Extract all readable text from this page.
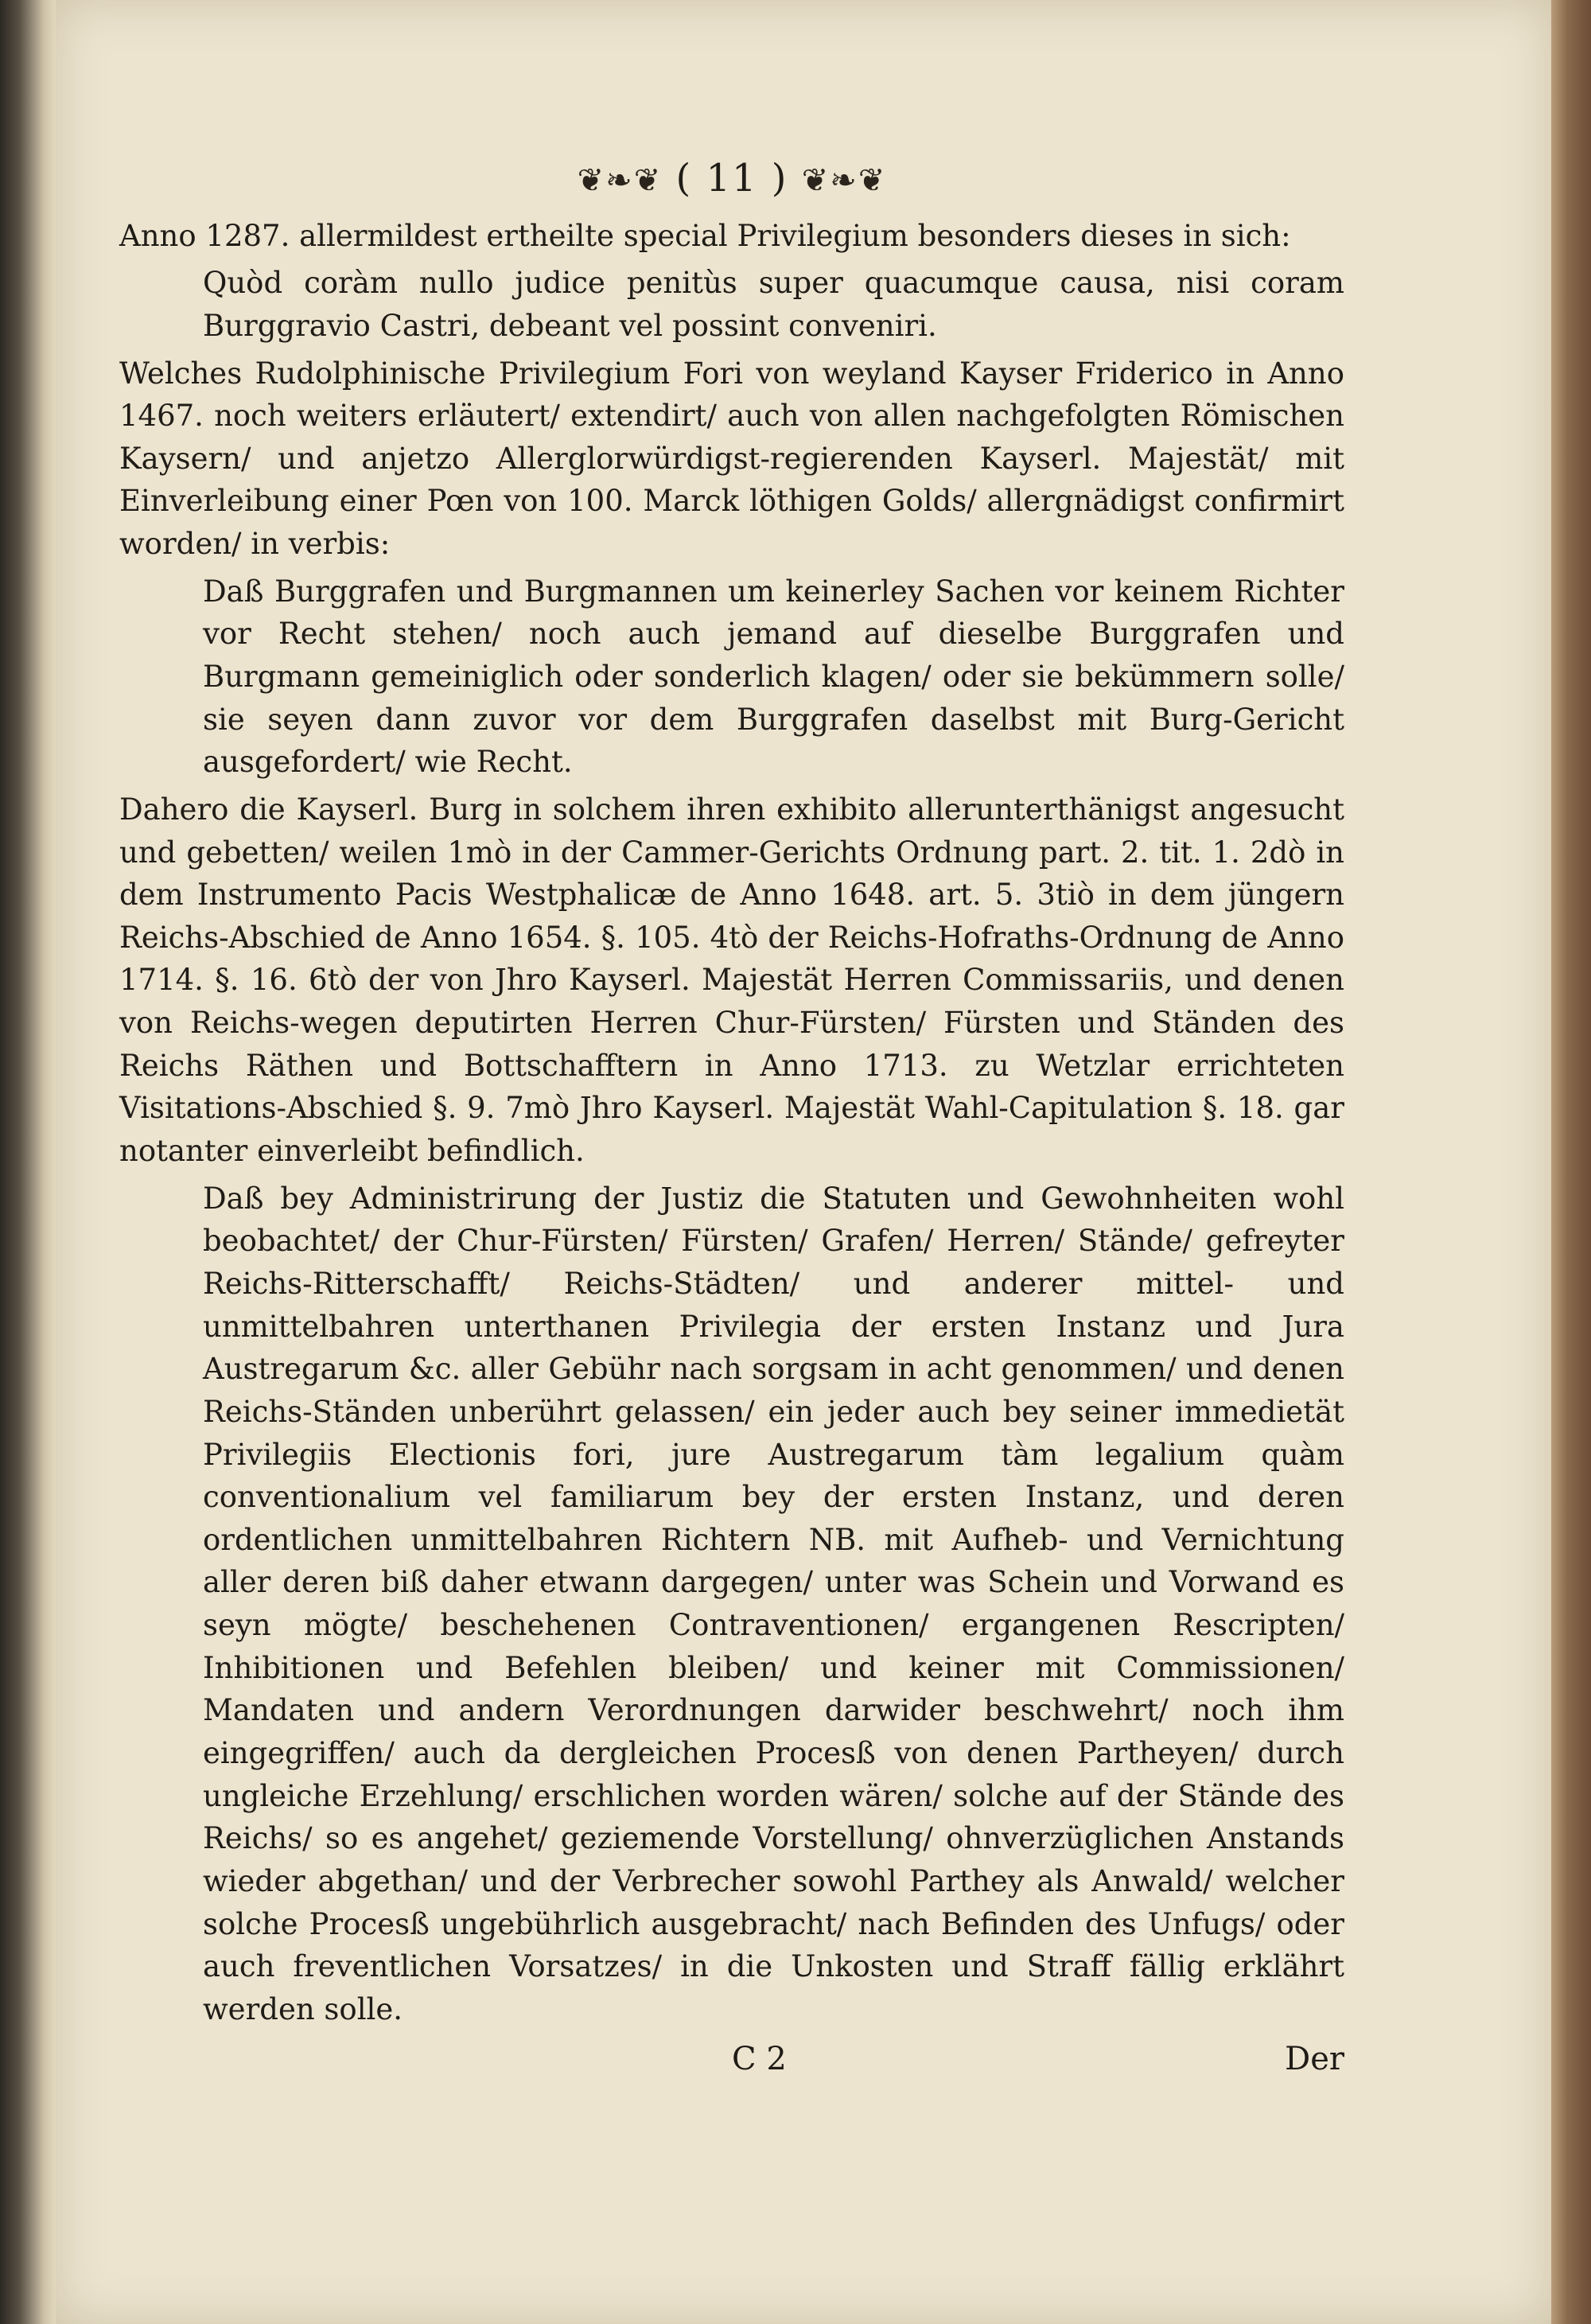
❦❧❦ ( 11 ) ❦❧❦

Anno 1287. allermildest ertheilte special Privilegium besonders dieses in sich:

Quòd coràm nullo judice penitùs super quacumque causa, nisi coram Burggravio Castri, debeant vel possint conveniri.

Welches Rudolphinische Privilegium Fori von weyland Kayser Friderico in Anno 1467. noch weiters erläutert/ extendirt/ auch von allen nachgefolgten Römischen Kaysern/ und anjetzo Allerglorwürdigst-regierenden Kayserl. Majestät/ mit Einverleibung einer Pœn von 100. Marck löthigen Golds/ allergnädigst confirmirt worden/ in verbis:

Daß Burggrafen und Burgmannen um keinerley Sachen vor keinem Richter vor Recht stehen/ noch auch jemand auf dieselbe Burggrafen und Burgmann gemeiniglich oder sonderlich klagen/ oder sie bekümmern solle/ sie seyen dann zuvor vor dem Burggrafen daselbst mit Burg-Gericht ausgefordert/ wie Recht.

Dahero die Kayserl. Burg in solchem ihren exhibito allerunterthänigst angesucht und gebetten/ weilen 1mò in der Cammer-Gerichts Ordnung part. 2. tit. 1. 2dò in dem Instrumento Pacis Westphalicæ de Anno 1648. art. 5. 3tiò in dem jüngern Reichs-Abschied de Anno 1654. §. 105. 4tò der Reichs-Hofraths-Ordnung de Anno 1714. §. 16. 6tò der von Jhro Kayserl. Majestät Herren Commissariis, und denen von Reichs-wegen deputirten Herren Chur-Fürsten/ Fürsten und Ständen des Reichs Räthen und Bottschafftern in Anno 1713. zu Wetzlar errichteten Visitations-Abschied §. 9. 7mò Jhro Kayserl. Majestät Wahl-Capitulation §. 18. gar notanter einverleibt befindlich.

Daß bey Administrirung der Justiz die Statuten und Gewohnheiten wohl beobachtet/ der Chur-Fürsten/ Fürsten/ Grafen/ Herren/ Stände/ gefreyter Reichs-Ritterschafft/ Reichs-Städten/ und anderer mittel- und unmittelbahren unterthanen Privilegia der ersten Instanz und Jura Austregarum &c. aller Gebühr nach sorgsam in acht genommen/ und denen Reichs-Ständen unberührt gelassen/ ein jeder auch bey seiner immedietät Privilegiis Electionis fori, jure Austregarum tàm legalium quàm conventionalium vel familiarum bey der ersten Instanz, und deren ordentlichen unmittelbahren Richtern NB. mit Aufheb- und Vernichtung aller deren biß daher etwann dargegen/ unter was Schein und Vorwand es seyn mögte/ beschehenen Contraventionen/ ergangenen Rescripten/ Inhibitionen und Befehlen bleiben/ und keiner mit Commissionen/ Mandaten und andern Verordnungen darwider beschwehrt/ noch ihm eingegriffen/ auch da dergleichen Procesß von denen Partheyen/ durch ungleiche Erzehlung/ erschlichen worden wären/ solche auf der Stände des Reichs/ so es angehet/ geziemende Vorstellung/ ohnverzüglichen Anstands wieder abgethan/ und der Verbrecher sowohl Parthey als Anwald/ welcher solche Procesß ungebührlich ausgebracht/ nach Befinden des Unfugs/ oder auch freventlichen Vorsatzes/ in die Unkosten und Straff fällig erklährt werden solle.

C 2	Der
